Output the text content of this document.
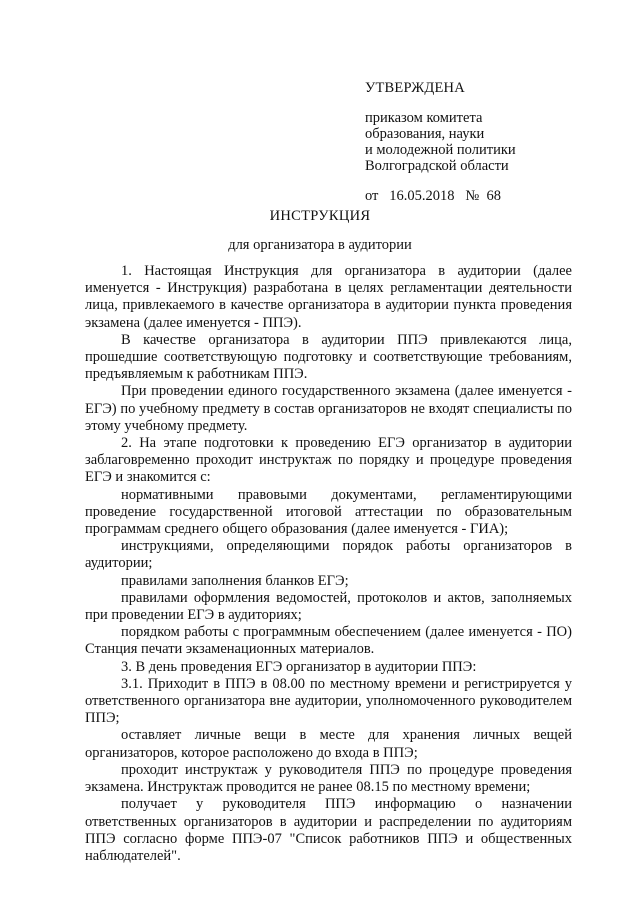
УТВЕРЖДЕНА
приказом комитета
образования, науки
и молодежной политики
Волгоградской области
от   16.05.2018   №  68
ИНСТРУКЦИЯ
для организатора в аудитории

1. Настоящая Инструкция для организатора в аудитории (далее именуется - Инструкция) разработана в целях регламентации деятельности лица, привлекаемого в качестве организатора в аудитории пункта проведения экзамена (далее именуется - ППЭ).

В качестве организатора в аудитории ППЭ привлекаются лица, прошедшие соответствующую подготовку и соответствующие требованиям, предъявляемым к работникам ППЭ.

При проведении единого государственного экзамена (далее именуется - ЕГЭ) по учебному предмету в состав организаторов не входят специалисты по этому учебному предмету.

2. На этапе подготовки к проведению ЕГЭ организатор в аудитории заблаговременно проходит инструктаж по порядку и процедуре проведения ЕГЭ и знакомится с:

нормативными правовыми документами, регламентирующими проведение государственной итоговой аттестации по образовательным программам среднего общего образования (далее именуется - ГИА);

инструкциями, определяющими порядок работы организаторов в аудитории;

правилами заполнения бланков ЕГЭ;

правилами оформления ведомостей, протоколов и актов, заполняемых при проведении ЕГЭ в аудиториях;

порядком работы с программным обеспечением (далее именуется - ПО) Станция печати экзаменационных материалов.

3. В день проведения ЕГЭ организатор в аудитории ППЭ:

3.1. Приходит в ППЭ в 08.00 по местному времени и регистрируется у ответственного организатора вне аудитории, уполномоченного руководителем ППЭ;

оставляет личные вещи в месте для хранения личных вещей организаторов, которое расположено до входа в ППЭ;

проходит инструктаж у руководителя ППЭ по процедуре проведения экзамена. Инструктаж проводится не ранее 08.15 по местному времени;

получает у руководителя ППЭ информацию о назначении ответственных организаторов в аудитории и распределении по аудиториям ППЭ согласно форме ППЭ-07 "Список работников ППЭ и общественных наблюдателей".
